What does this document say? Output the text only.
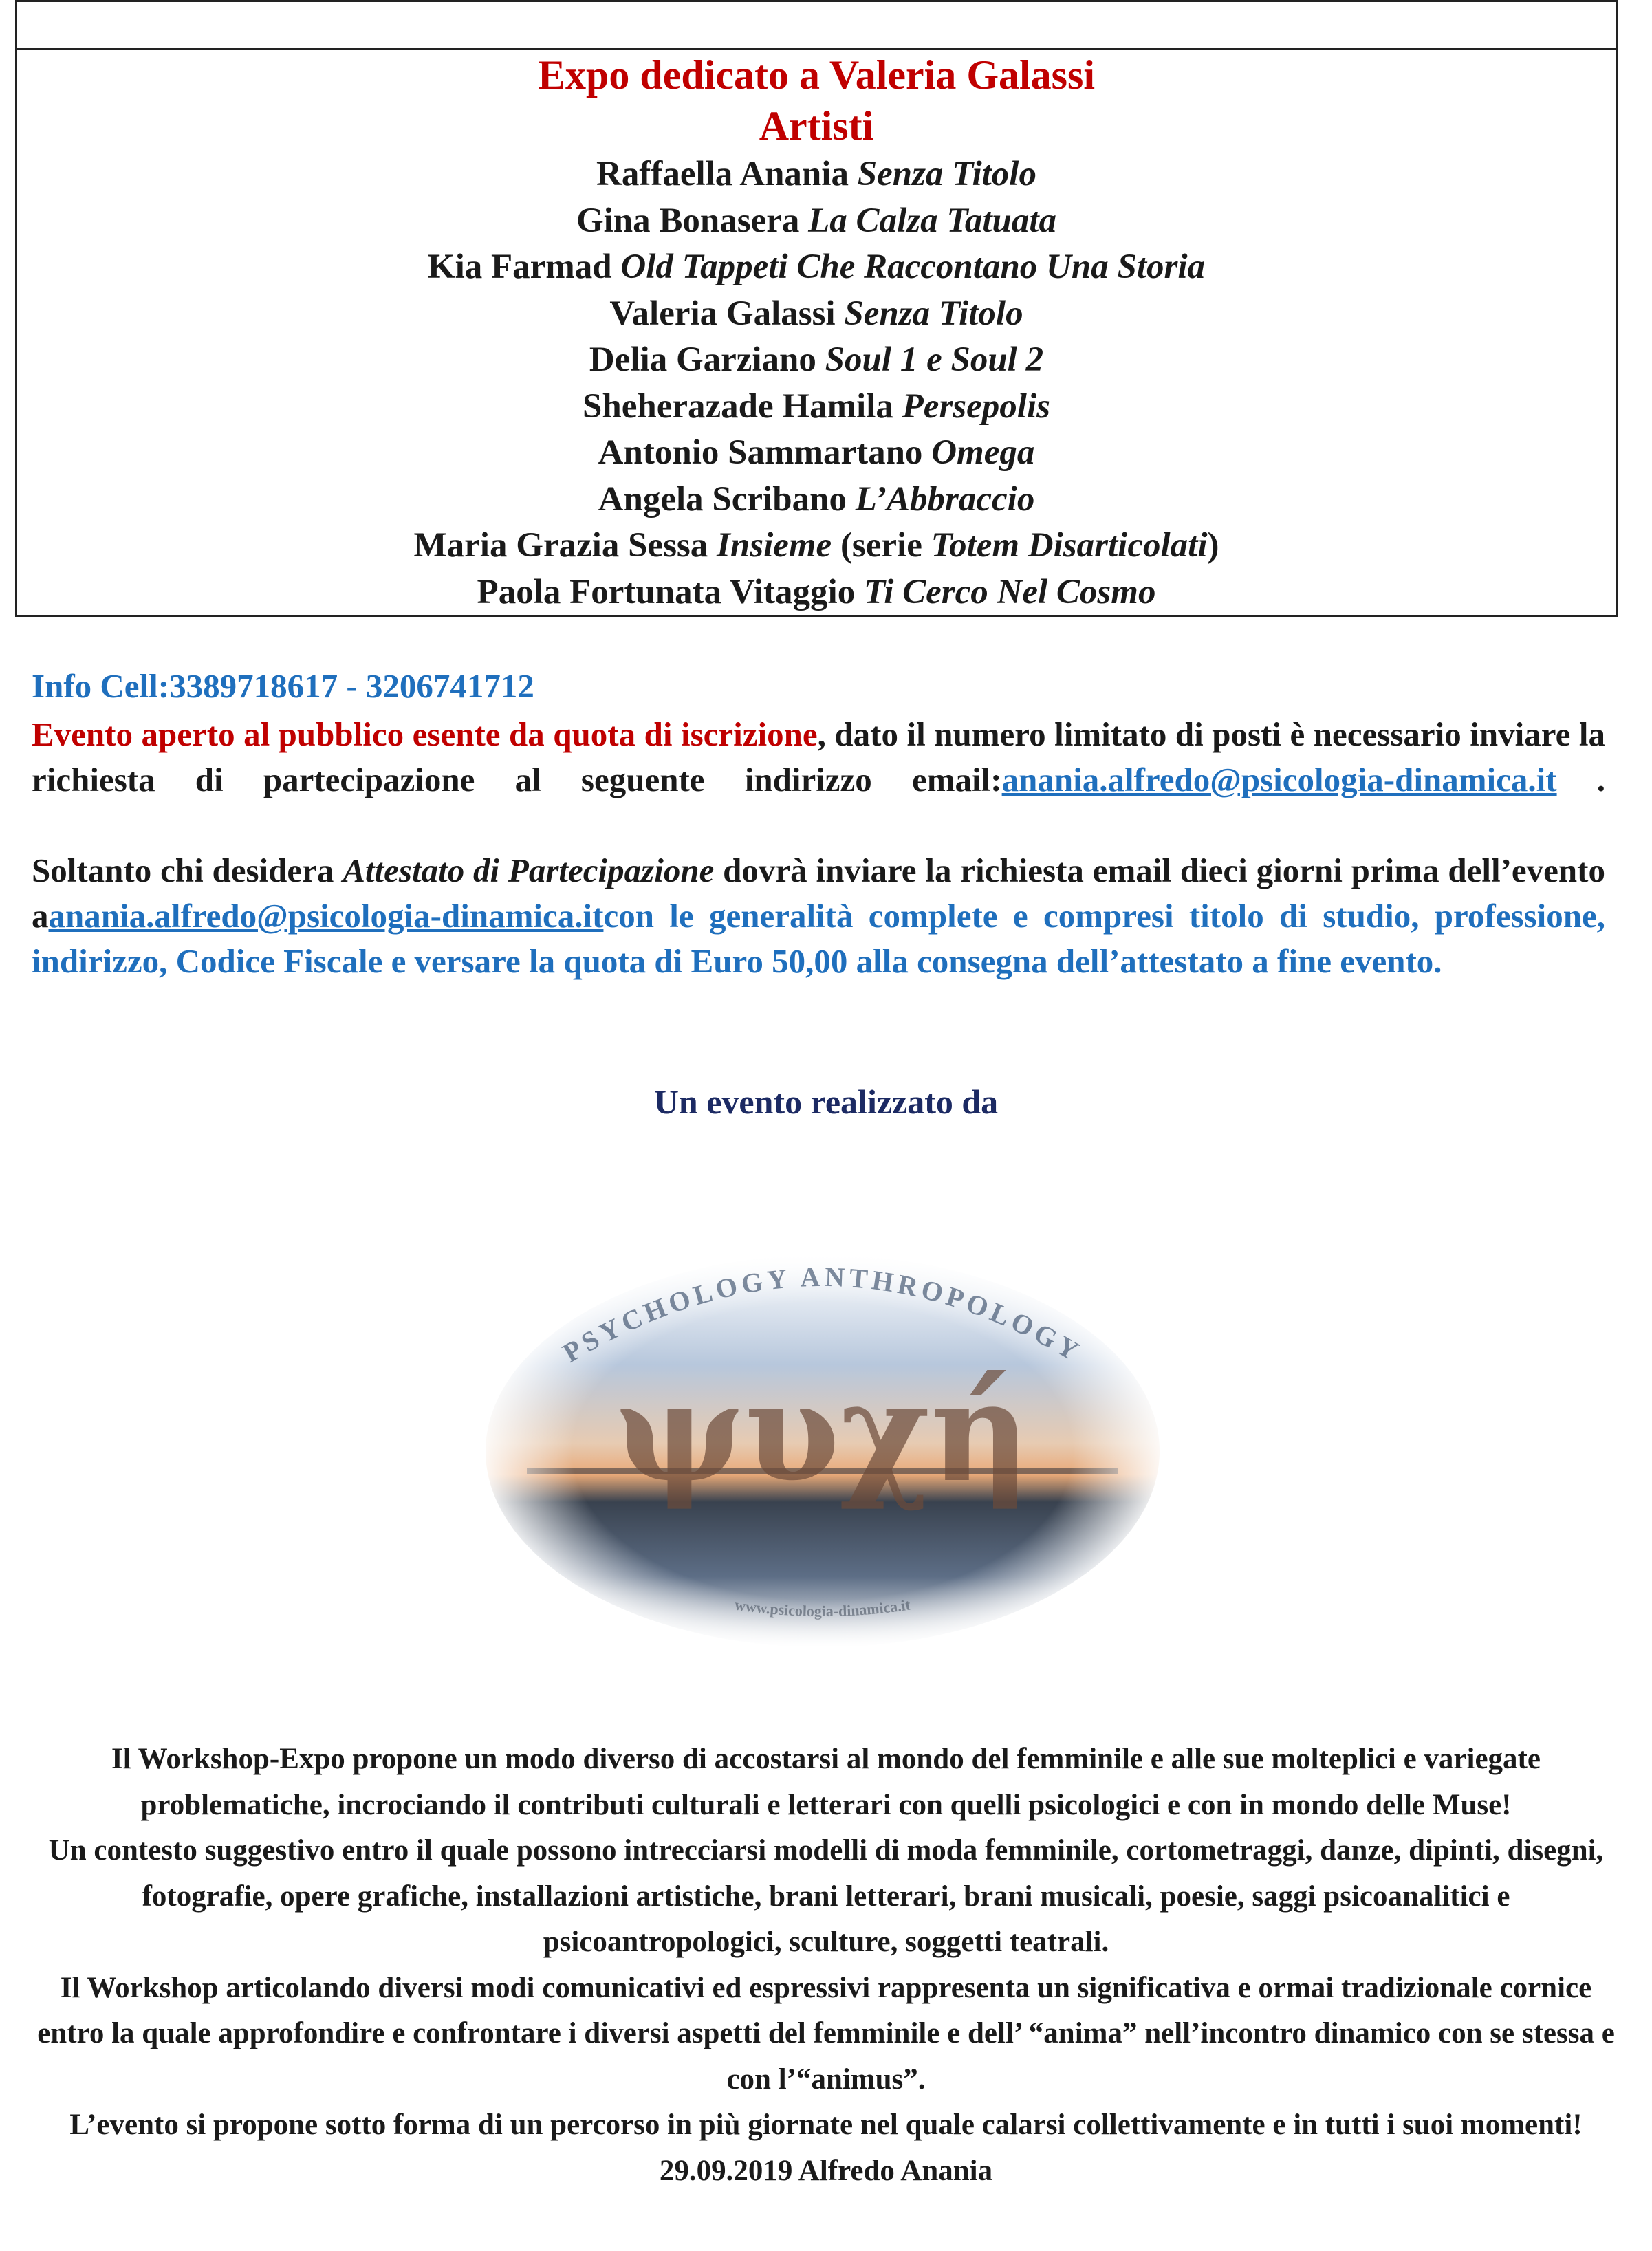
Expo dedicato a Valeria Galassi
Artisti
Raffaella Anania Senza Titolo
Gina Bonasera La Calza Tatuata
Kia Farmad Old Tappeti Che Raccontano Una Storia
Valeria Galassi Senza Titolo
Delia Garziano Soul 1 e Soul 2
Sheherazade Hamila Persepolis
Antonio Sammartano Omega
Angela Scribano L’Abbraccio
Maria Grazia Sessa Insieme (serie Totem Disarticolati)
Paola Fortunata Vitaggio Ti Cerco Nel Cosmo
Info Cell:3389718617 - 3206741712
Evento aperto al pubblico esente da quota di iscrizione, dato il numero limitato di posti è necessario inviare la richiesta di partecipazione al seguente indirizzo email:anania.alfredo@psicologia-dinamica.it .
Soltanto chi desidera Attestato di Partecipazione dovrà inviare la richiesta email dieci giorni prima dell’evento aanania.alfredo@psicologia-dinamica.itcon le generalità complete e compresi titolo di studio, professione, indirizzo, Codice Fiscale e versare la quota di Euro 50,00 alla consegna dell’attestato a fine evento.
Un evento realizzato da
PSYCHOLOGY ANTHROPOLOGY
ψυχή
www.psicologia-dinamica.it
Il Workshop-Expo propone un modo diverso di accostarsi al mondo del femminile e alle sue molteplici e variegate problematiche, incrociando il contributi culturali e letterari con quelli psicologici e con in mondo delle Muse!
Un contesto suggestivo entro il quale possono intrecciarsi modelli di moda femminile, cortometraggi, danze, dipinti, disegni, fotografie, opere grafiche, installazioni artistiche, brani letterari, brani musicali, poesie, saggi psicoanalitici e psicoantropologici, sculture, soggetti teatrali.
Il Workshop articolando diversi modi comunicativi ed espressivi rappresenta un significativa e ormai tradizionale cornice entro la quale approfondire e confrontare i diversi aspetti del femminile e dell’ “anima” nell’incontro dinamico con se stessa e con l’“animus”.
L’evento si propone sotto forma di un percorso in più giornate nel quale calarsi collettivamente e in tutti i suoi momenti! 29.09.2019 Alfredo Anania
